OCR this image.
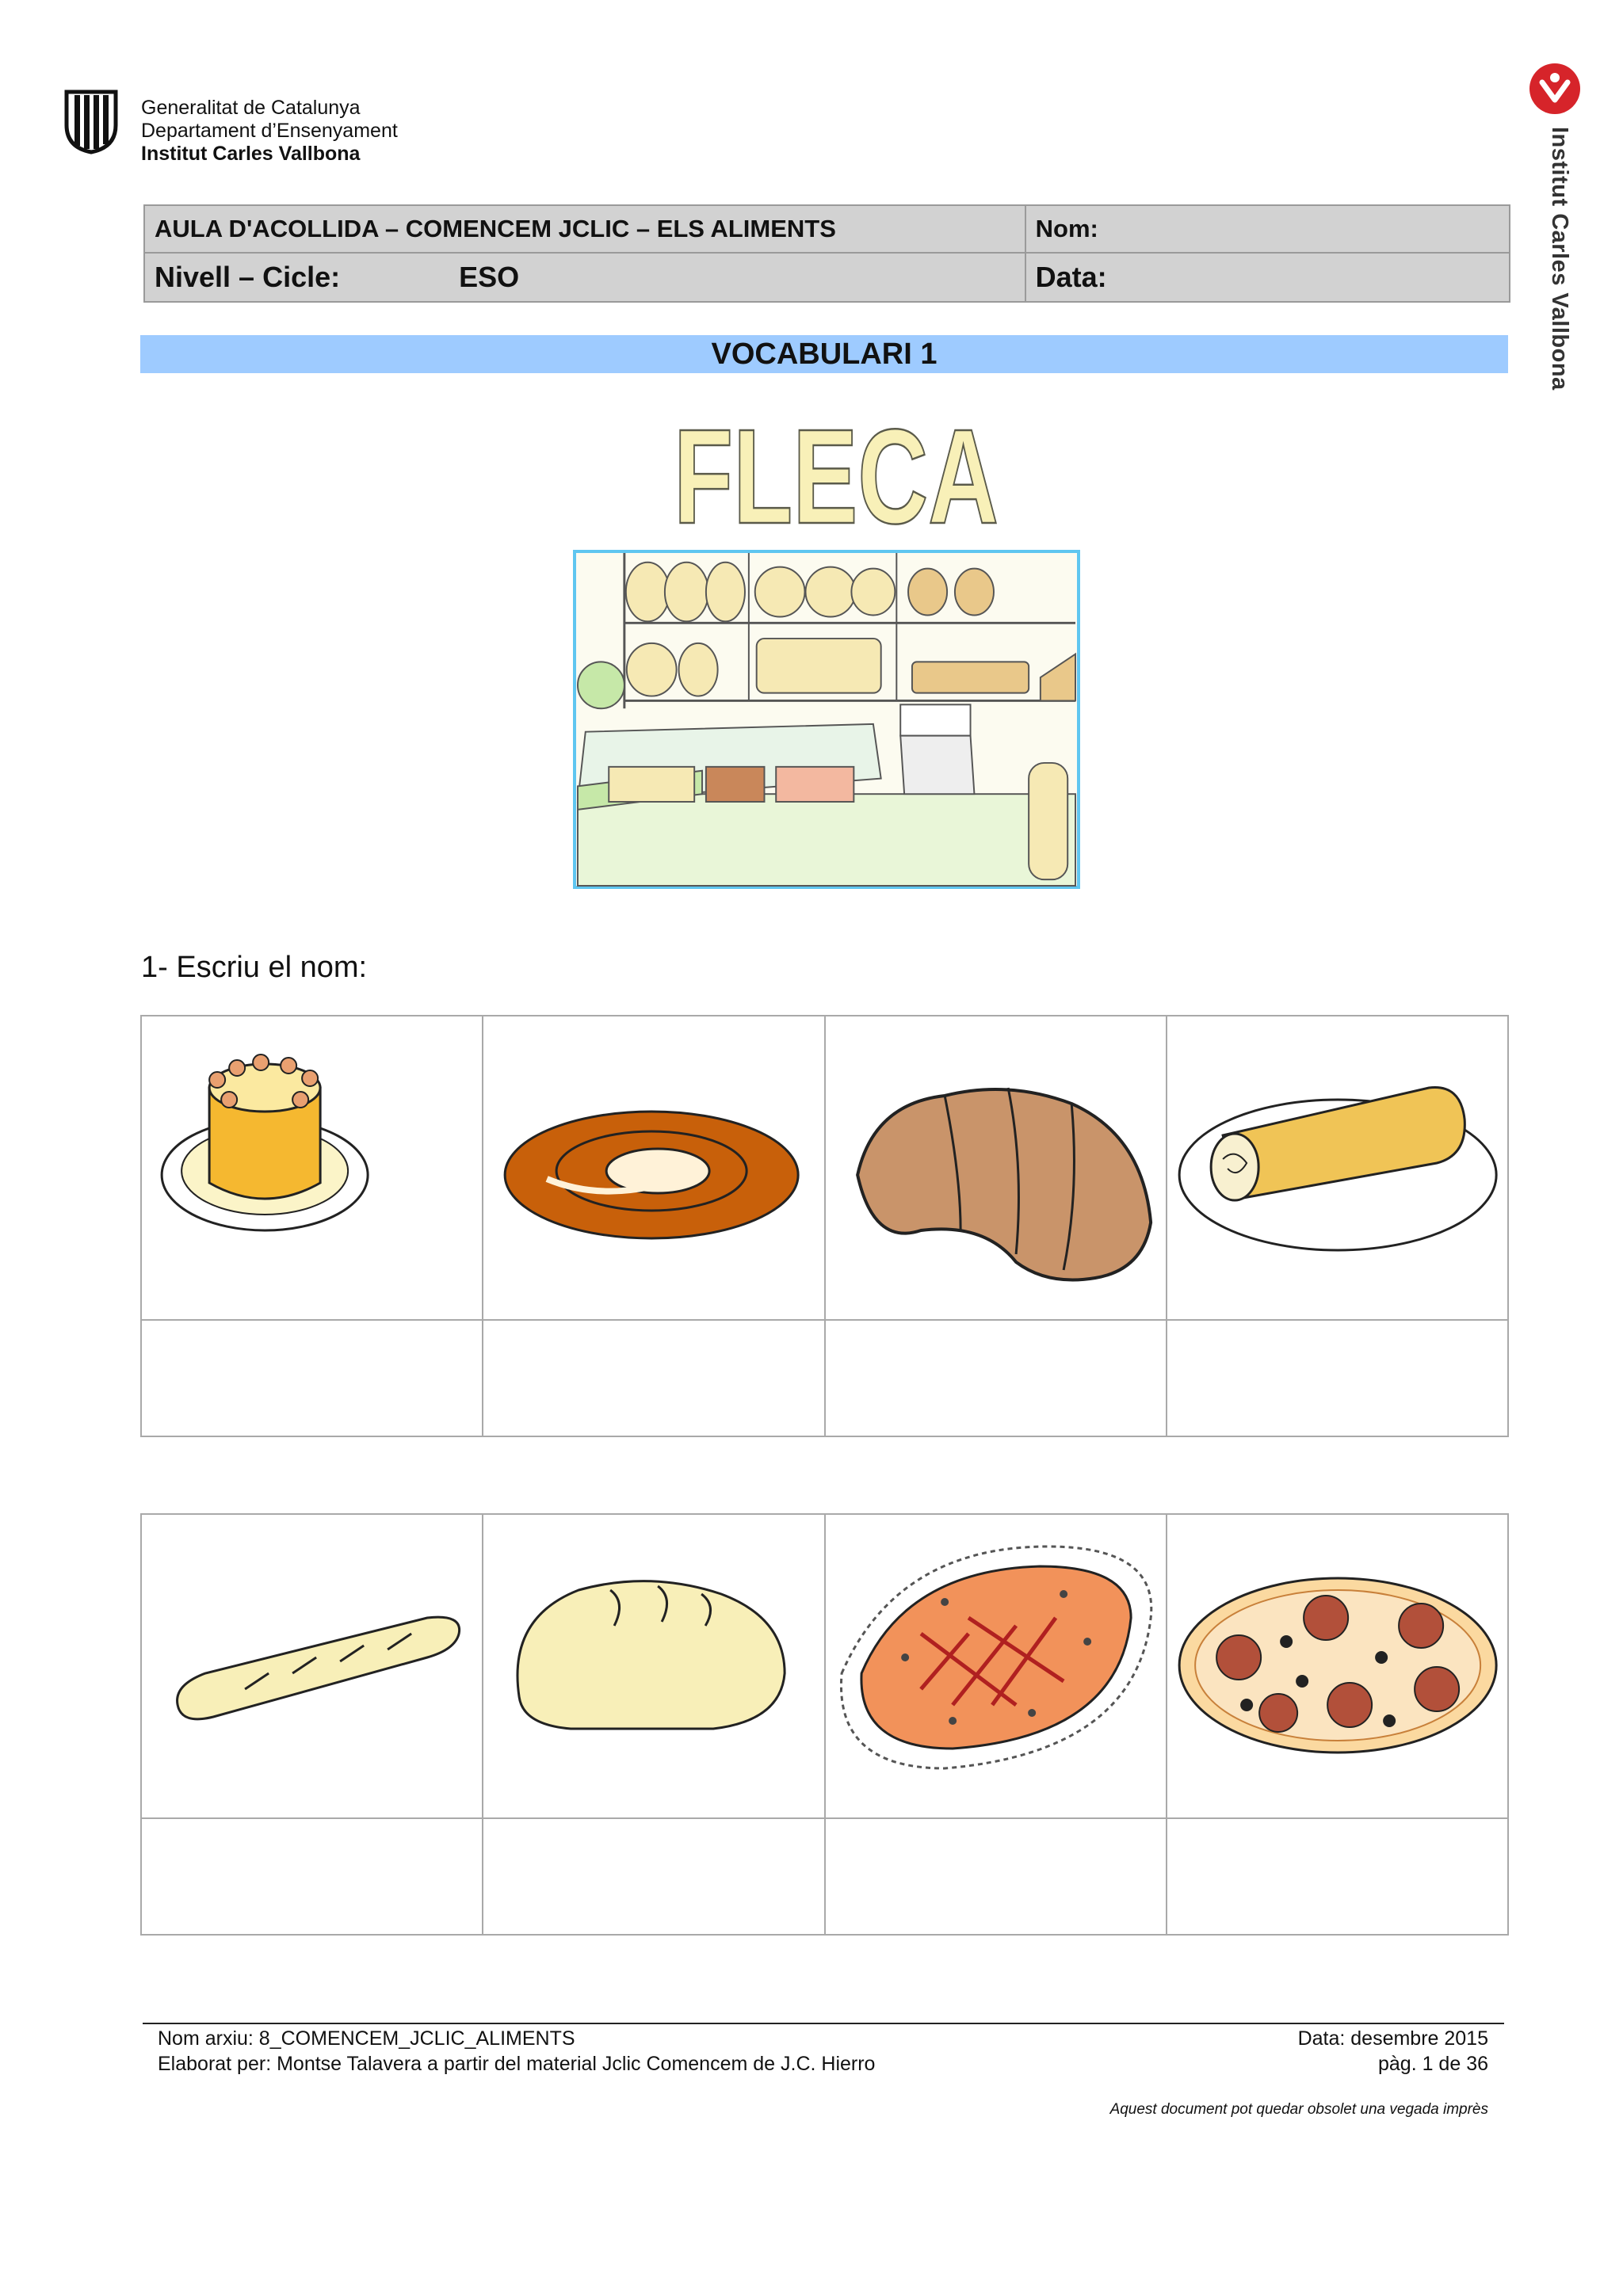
Generalitat de Catalunya
Departament d’Ensenyament
Institut Carles Vallbona	Institut Carles Vallbona
AULA D'ACOLLIDA – COMENCEM JCLIC – ELS ALIMENTS	Nom:
Nivell – Cicle: ESO	Data:
VOCABULARI 1
FLECA
1- Escriu el nom:

Nom arxiu: 8_COMENCEM_JCLIC_ALIMENTS
Elaborat per: Montse Talavera a partir del material Jclic Comencem de J.C. Hierro
Data: desembre 2015
pàg. 1 de 36
Aquest document pot quedar obsolet una vegada imprès
